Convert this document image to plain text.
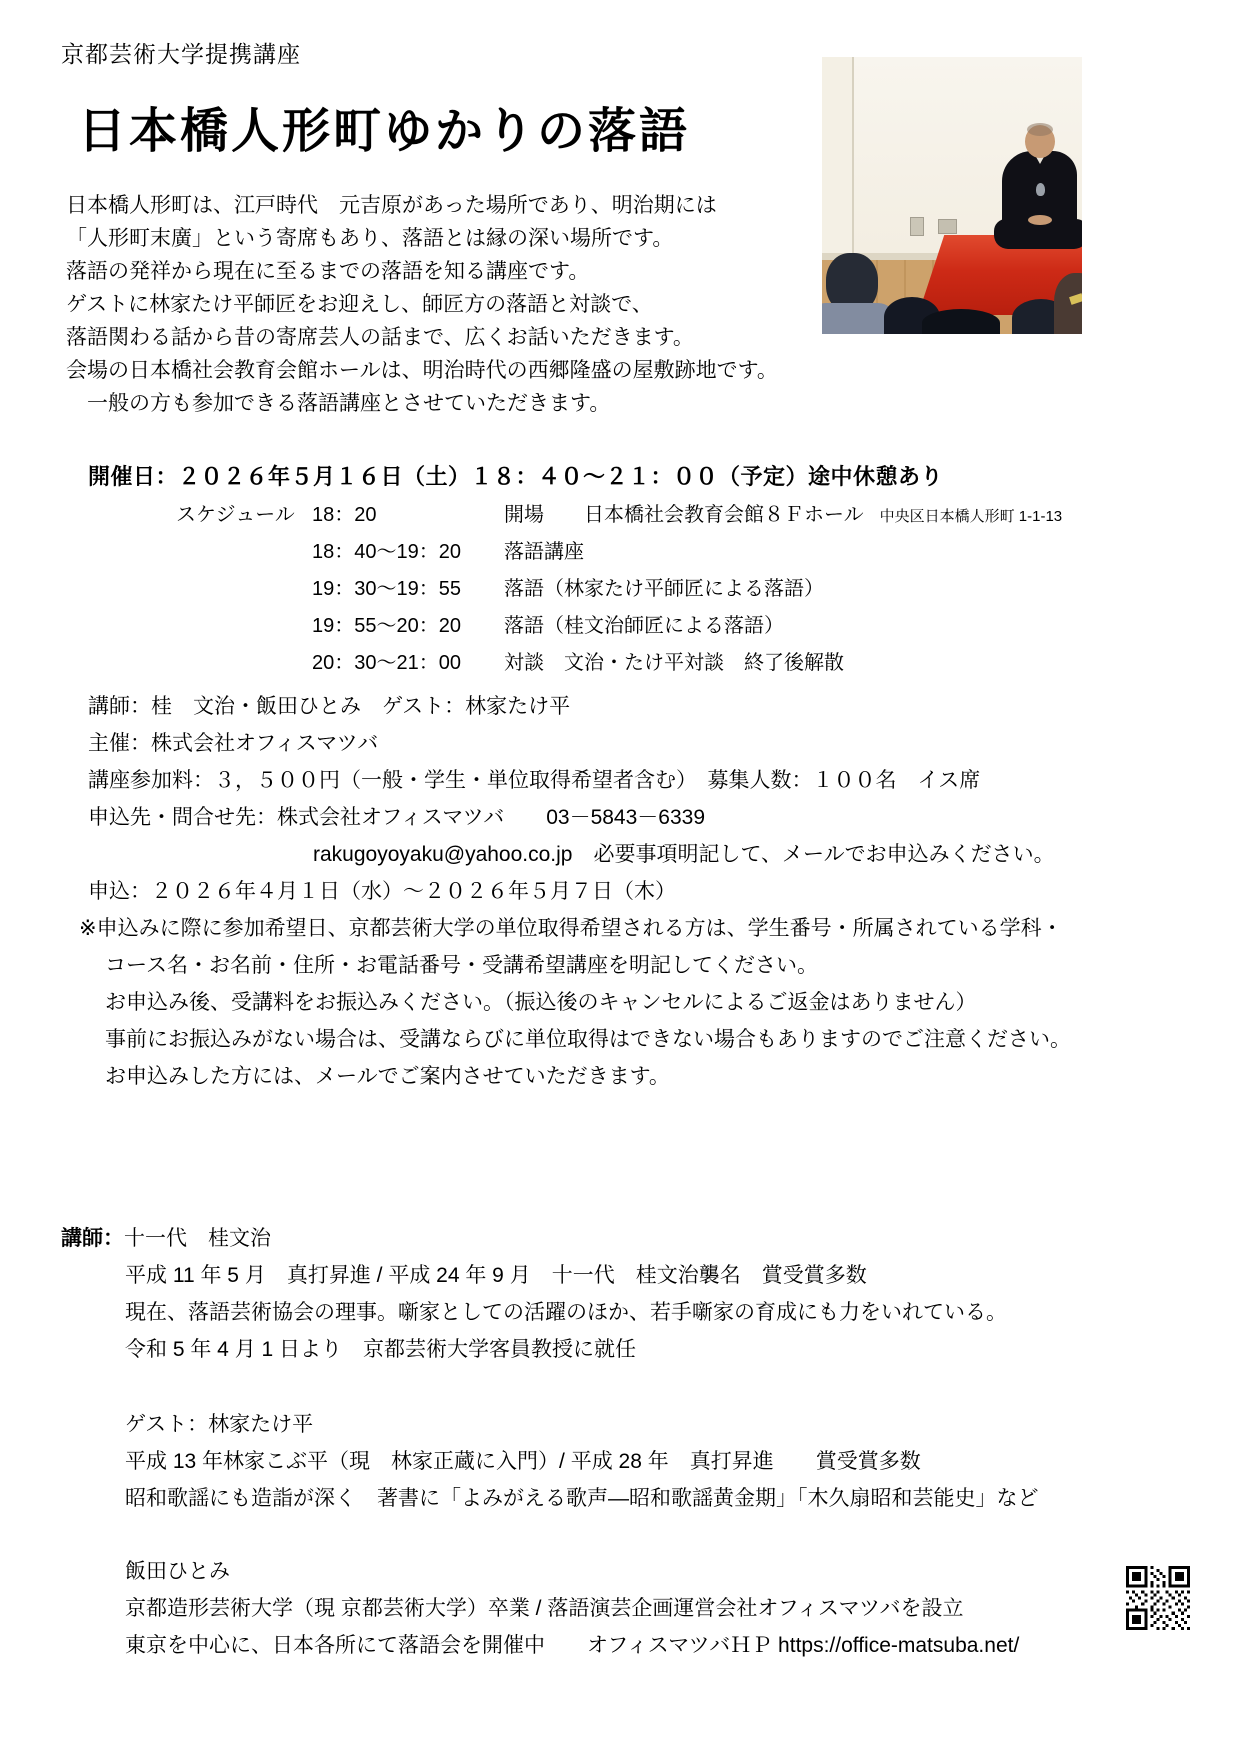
京都芸術大学提携講座
日本橋人形町ゆかりの落語
日本橋人形町は、江戸時代　元吉原があった場所であり、明治期には
「人形町末廣」という寄席もあり、落語とは縁の深い場所です。
落語の発祥から現在に至るまでの落語を知る講座です。
ゲストに林家たけ平師匠をお迎えし、師匠方の落語と対談で、
落語関わる話から昔の寄席芸人の話まで、広くお話いただきます。
会場の日本橋社会教育会館ホールは、明治時代の西郷隆盛の屋敷跡地です。
　一般の方も参加できる落語講座とさせていただきます。
開催日：２０２６年５月１６日（土）１８：４０～２１：００（予定）途中休憩あり
スケジュール 18：20	開場　　日本橋社会教育会館８Ｆホール 中央区日本橋人形町 1-1-13
18：40～19：20	落語講座
19：30～19：55	落語（林家たけ平師匠による落語）
19：55～20：20	落語（桂文治師匠による落語）
20：30～21：00	対談　文治・たけ平対談　終了後解散
講師：桂　文治・飯田ひとみ　ゲスト：林家たけ平
主催：株式会社オフィスマツバ
講座参加料：３，５００円（一般・学生・単位取得希望者含む）　募集人数：１００名　イス席
申込先・問合せ先：株式会社オフィスマツバ　　03－5843－6339
rakugoyoyaku@yahoo.co.jp　必要事項明記して、メールでお申込みください。
申込：２０２６年４月１日（水）～２０２６年５月７日（木）
※申込みに際に参加希望日、京都芸術大学の単位取得希望される方は、学生番号・所属されている学科・
コース名・お名前・住所・お電話番号・受講希望講座を明記してください。
お申込み後、受講料をお振込みください。（振込後のキャンセルによるご返金はありません）
事前にお振込みがない場合は、受講ならびに単位取得はできない場合もありますのでご注意ください。
お申込みした方には、メールでご案内させていただきます。
講師：十一代　桂文治
平成 11 年 5 月　真打昇進 / 平成 24 年 9 月　十一代　桂文治襲名　賞受賞多数
現在、落語芸術協会の理事。噺家としての活躍のほか、若手噺家の育成にも力をいれている。
令和 5 年 4 月 1 日より　京都芸術大学客員教授に就任
ゲスト：林家たけ平
平成 13 年林家こぶ平（現　林家正蔵に入門）/ 平成 28 年　真打昇進　　賞受賞多数
昭和歌謡にも造詣が深く　著書に「よみがえる歌声―昭和歌謡黄金期」「木久扇昭和芸能史」など
飯田ひとみ
京都造形芸術大学（現 京都芸術大学）卒業 / 落語演芸企画運営会社オフィスマツバを設立
東京を中心に、日本各所にて落語会を開催中　　オフィスマツバＨＰ https://office-matsuba.net/
